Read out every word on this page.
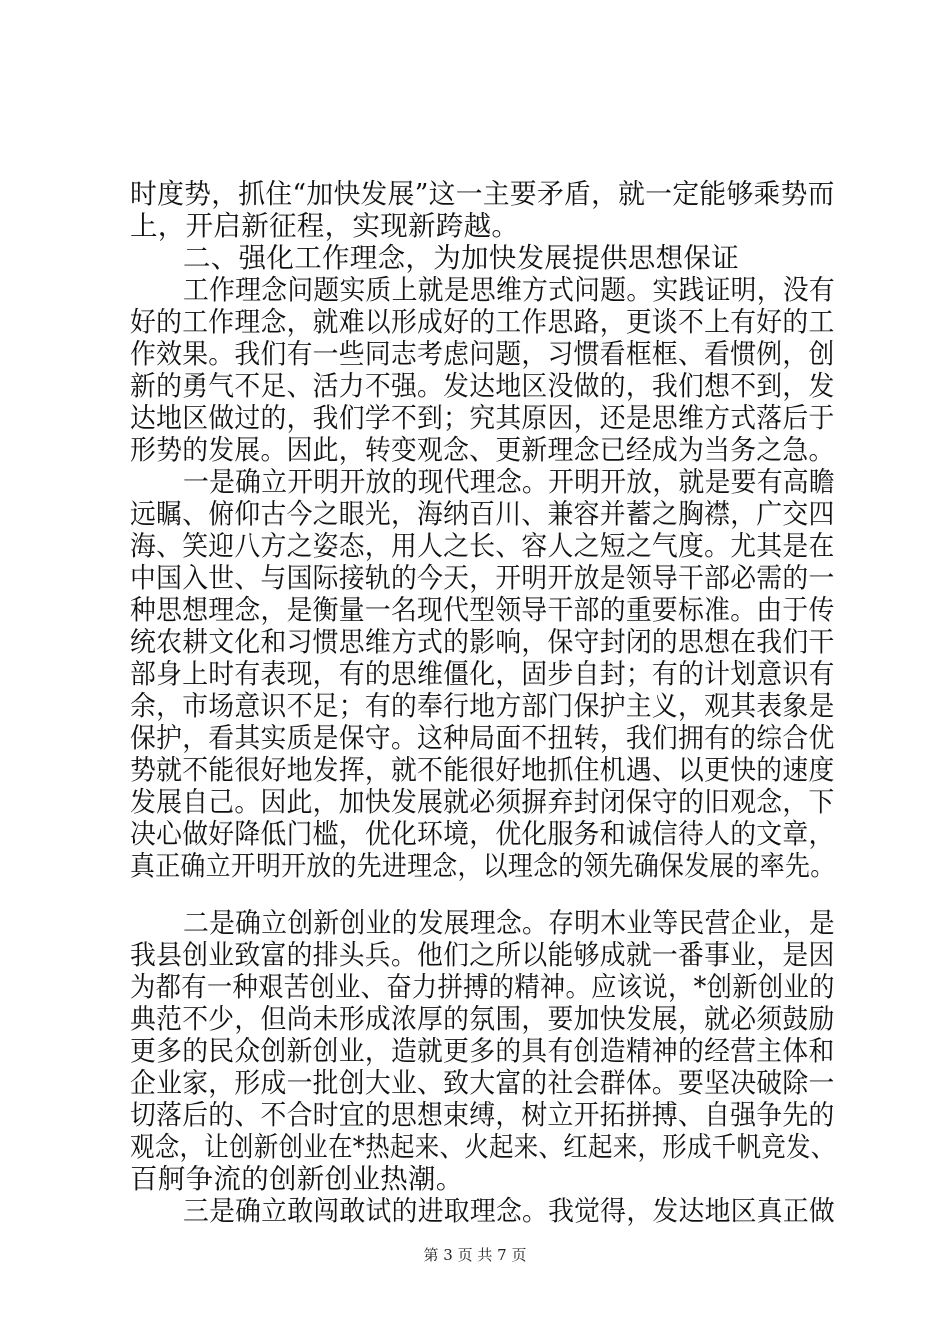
时度势，抓住“加快发展”这一主要矛盾，就一定能够乘势而
上，开启新征程，实现新跨越。
二、强化工作理念，为加快发展提供思想保证
工作理念问题实质上就是思维方式问题。实践证明，没有
好的工作理念，就难以形成好的工作思路，更谈不上有好的工
作效果。我们有一些同志考虑问题，习惯看框框、看惯例，创
新的勇气不足、活力不强。发达地区没做的，我们想不到，发
达地区做过的，我们学不到；究其原因，还是思维方式落后于
形势的发展。因此，转变观念、更新理念已经成为当务之急。
一是确立开明开放的现代理念。开明开放，就是要有高瞻
远瞩、俯仰古今之眼光，海纳百川、兼容并蓄之胸襟，广交四
海、笑迎八方之姿态，用人之长、容人之短之气度。尤其是在
中国入世、与国际接轨的今天，开明开放是领导干部必需的一
种思想理念，是衡量一名现代型领导干部的重要标准。由于传
统农耕文化和习惯思维方式的影响，保守封闭的思想在我们干
部身上时有表现，有的思维僵化，固步自封；有的计划意识有
余，市场意识不足；有的奉行地方部门保护主义，观其表象是
保护，看其实质是保守。这种局面不扭转，我们拥有的综合优
势就不能很好地发挥，就不能很好地抓住机遇、以更快的速度
发展自己。因此，加快发展就必须摒弃封闭保守的旧观念，下
决心做好降低门槛，优化环境，优化服务和诚信待人的文章，
真正确立开明开放的先进理念，以理念的领先确保发展的率先。
二是确立创新创业的发展理念。存明木业等民营企业，是
我县创业致富的排头兵。他们之所以能够成就一番事业，是因
为都有一种艰苦创业、奋力拼搏的精神。应该说，*创新创业的
典范不少，但尚未形成浓厚的氛围，要加快发展，就必须鼓励
更多的民众创新创业，造就更多的具有创造精神的经营主体和
企业家，形成一批创大业、致大富的社会群体。要坚决破除一
切落后的、不合时宜的思想束缚，树立开拓拼搏、自强争先的
观念，让创新创业在*热起来、火起来、红起来，形成千帆竞发、
百舸争流的创新创业热潮。
三是确立敢闯敢试的进取理念。我觉得，发达地区真正做
第 3 页 共 7 页
